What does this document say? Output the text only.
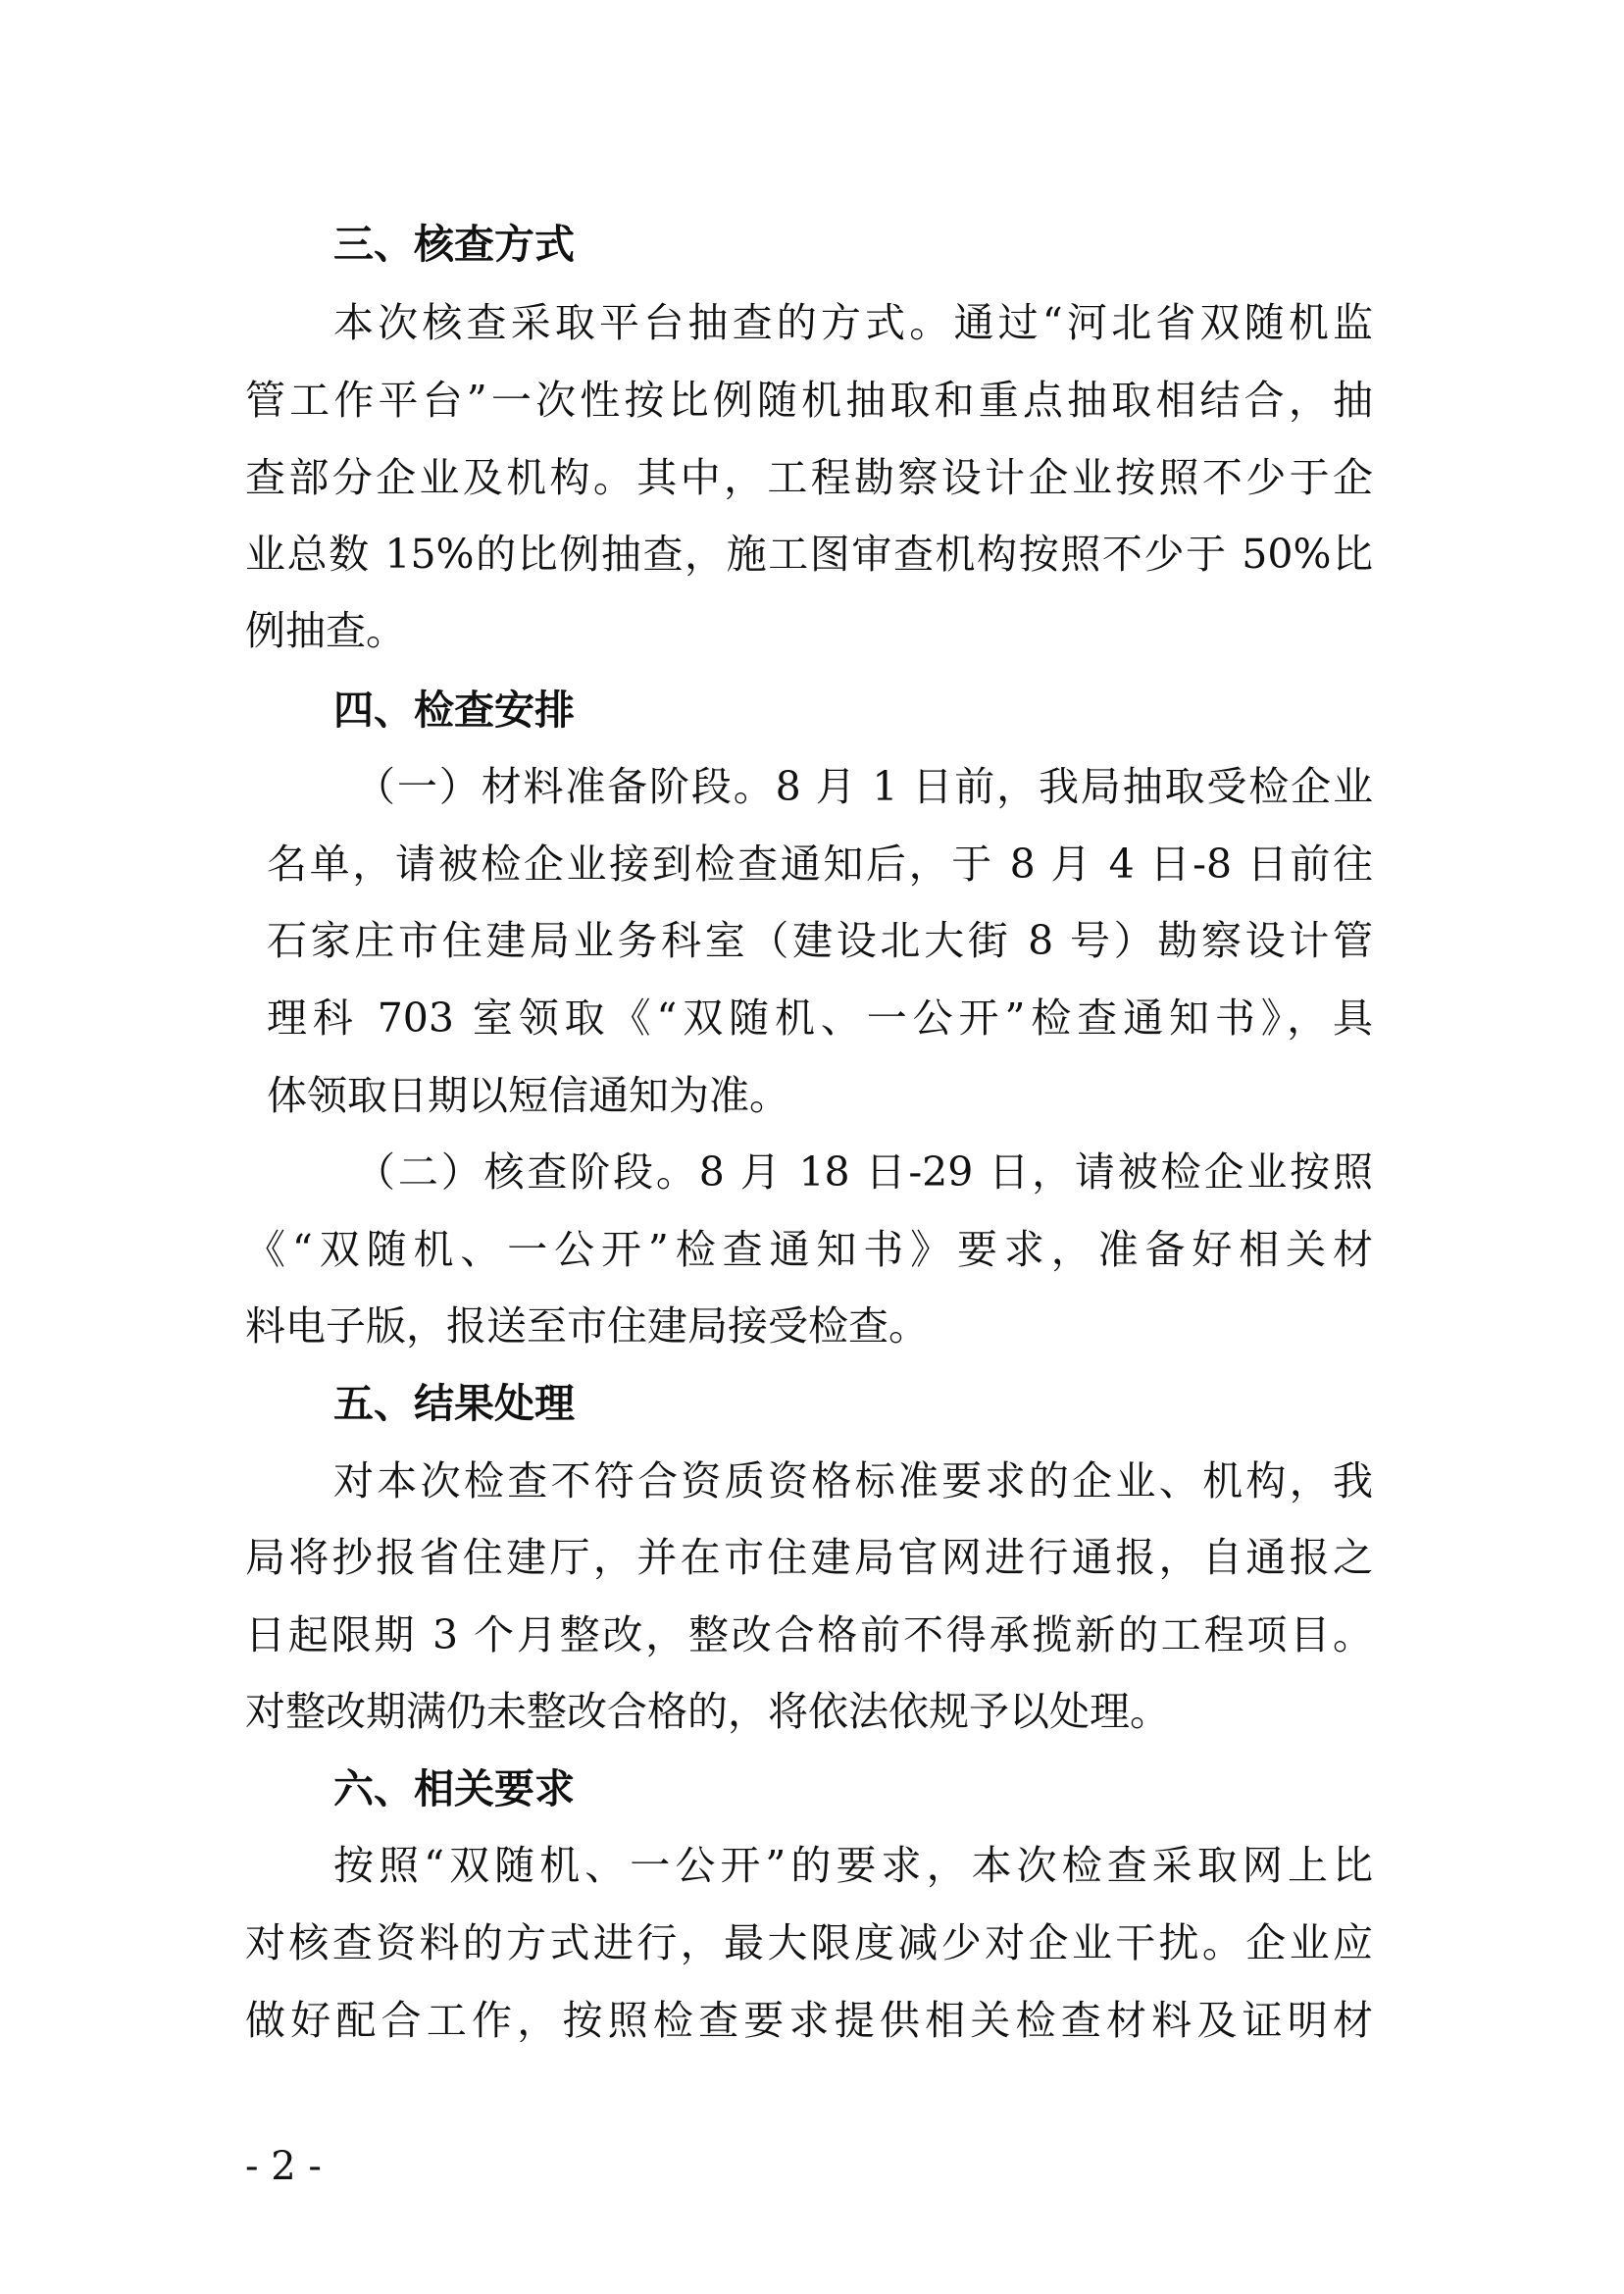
三、核查方式
本次核查采取平台抽查的方式。通过“河北省双随机监
管工作平台”一次性按比例随机抽取和重点抽取相结合，抽
查部分企业及机构。其中，工程勘察设计企业按照不少于企
业总数 15%的比例抽查，施工图审查机构按照不少于 50%比
例抽查。
四、检查安排
（一）材料准备阶段。8 月 1 日前，我局抽取受检企业
名单，请被检企业接到检查通知后，于 8 月 4 日-8 日前往
石家庄市住建局业务科室（建设北大街 8 号）勘察设计管
理科 703 室领取《“双随机、一公开”检查通知书》，具
体领取日期以短信通知为准。
（二）核查阶段。8 月 18 日-29 日，请被检企业按照
《“双随机、一公开”检查通知书》要求，准备好相关材
料电子版，报送至市住建局接受检查。
五、结果处理
对本次检查不符合资质资格标准要求的企业、机构，我
局将抄报省住建厅，并在市住建局官网进行通报，自通报之
日起限期 3 个月整改，整改合格前不得承揽新的工程项目。
对整改期满仍未整改合格的，将依法依规予以处理。
六、相关要求
按照“双随机、一公开”的要求，本次检查采取网上比
对核查资料的方式进行，最大限度减少对企业干扰。企业应
做好配合工作，按照检查要求提供相关检查材料及证明材
- 2 -
